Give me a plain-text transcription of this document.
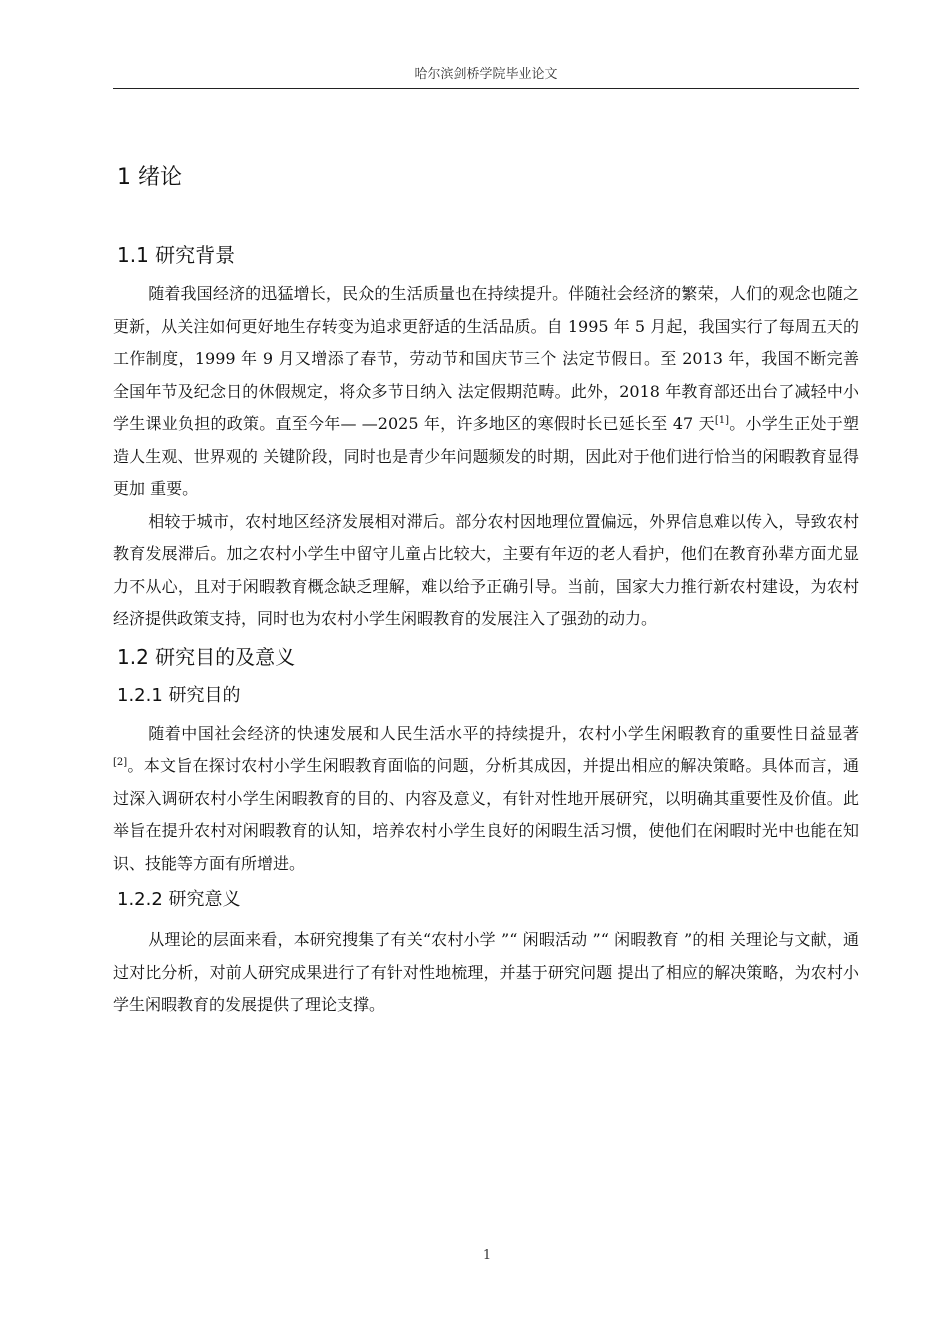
哈尔滨剑桥学院毕业论文
1 绪论
1.1 研究背景

随着我国经济的迅猛增长，民众的生活质量也在持续提升。伴随社会经济的繁荣，人们的观念也随之更新，从关注如何更好地生存转变为追求更舒适的生活品质。自 1995 年 5 月起，我国实行了每周五天的工作制度，1999 年 9 月又增添了春节，劳动节和国庆节三个 法定节假日。至 2013 年，我国不断完善全国年节及纪念日的休假规定，将众多节日纳入 法定假期范畴。此外，2018 年教育部还出台了减轻中小学生课业负担的政策。直至今年— —2025 年，许多地区的寒假时长已延长至 47 天[1]。小学生正处于塑造人生观、世界观的 关键阶段，同时也是青少年问题频发的时期，因此对于他们进行恰当的闲暇教育显得更加 重要。

相较于城市，农村地区经济发展相对滞后。部分农村因地理位置偏远，外界信息难以传入，导致农村教育发展滞后。加之农村小学生中留守儿童占比较大，主要有年迈的老人看护，他们在教育孙辈方面尤显力不从心，且对于闲暇教育概念缺乏理解，难以给予正确引导。当前，国家大力推行新农村建设，为农村经济提供政策支持，同时也为农村小学生闲暇教育的发展注入了强劲的动力。

1.2 研究目的及意义
1.2.1 研究目的

随着中国社会经济的快速发展和人民生活水平的持续提升，农村小学生闲暇教育的重要性日益显著[2]。本文旨在探讨农村小学生闲暇教育面临的问题，分析其成因，并提出相应的解决策略。具体而言，通过深入调研农村小学生闲暇教育的目的、内容及意义，有针对性地开展研究，以明确其重要性及价值。此举旨在提升农村对闲暇教育的认知，培养农村小学生良好的闲暇生活习惯，使他们在闲暇时光中也能在知识、技能等方面有所增进。

1.2.2 研究意义

从理论的层面来看，本研究搜集了有关“农村小学 ”“ 闲暇活动 ”“ 闲暇教育 ”的相 关理论与文献，通过对比分析，对前人研究成果进行了有针对性地梳理，并基于研究问题 提出了相应的解决策略，为农村小学生闲暇教育的发展提供了理论支撑。

1
